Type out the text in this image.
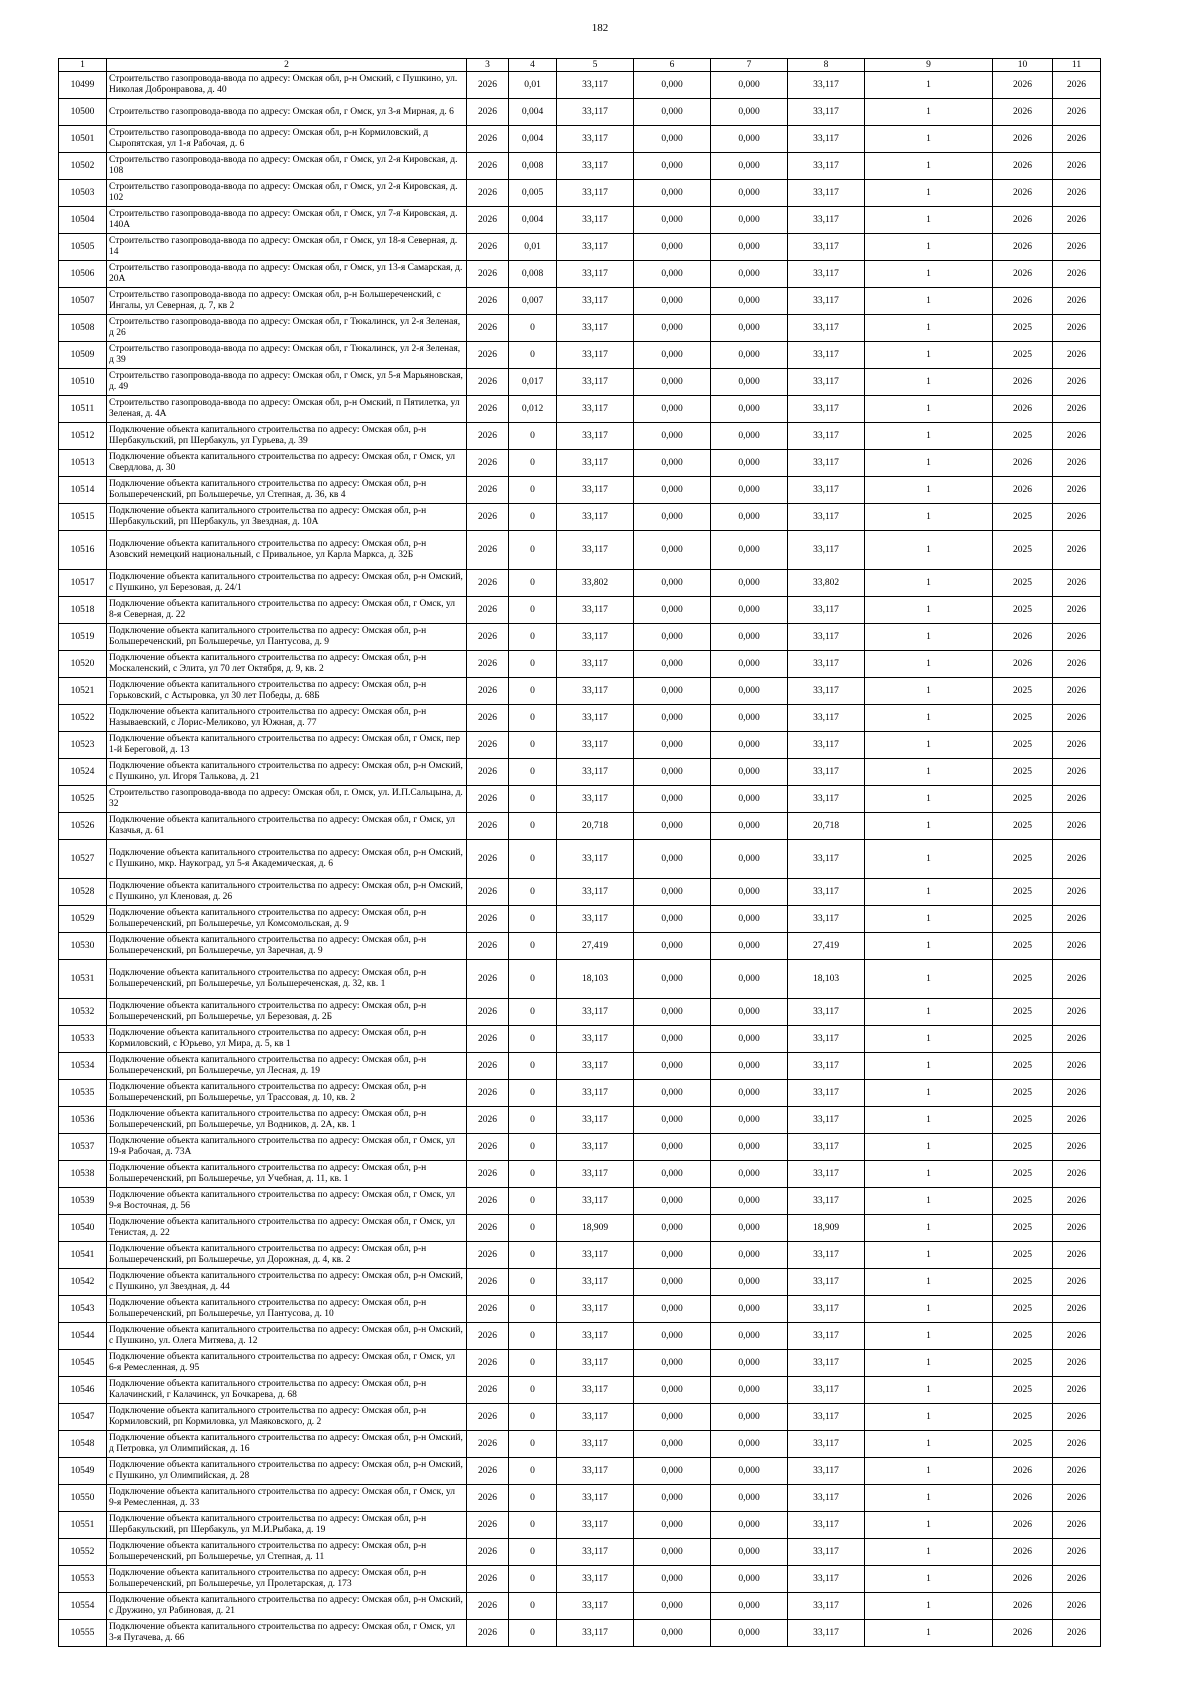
182
1	2	3	4	5	6	7	8	9	10	11
10499	Строительство газопровода-ввода по адресу: Омская обл, р-н Омский, с Пушкино, ул. Николая Добронравова, д. 40	2026	0,01	33,117	0,000	0,000	33,117	1	2026	2026
10500	Строительство газопровода-ввода по адресу: Омская обл, г Омск, ул 3-я Мирная, д. 6	2026	0,004	33,117	0,000	0,000	33,117	1	2026	2026
10501	Строительство газопровода-ввода по адресу: Омская обл, р-н Кормиловский, д Сыропятская, ул 1-я Рабочая, д. 6	2026	0,004	33,117	0,000	0,000	33,117	1	2026	2026
10502	Строительство газопровода-ввода по адресу: Омская обл, г Омск, ул 2-я Кировская, д. 108	2026	0,008	33,117	0,000	0,000	33,117	1	2026	2026
10503	Строительство газопровода-ввода по адресу: Омская обл, г Омск, ул 2-я Кировская, д. 102	2026	0,005	33,117	0,000	0,000	33,117	1	2026	2026
10504	Строительство газопровода-ввода по адресу: Омская обл, г Омск, ул 7-я Кировская, д. 140А	2026	0,004	33,117	0,000	0,000	33,117	1	2026	2026
10505	Строительство газопровода-ввода по адресу: Омская обл, г Омск, ул 18-я Северная, д. 14	2026	0,01	33,117	0,000	0,000	33,117	1	2026	2026
10506	Строительство газопровода-ввода по адресу: Омская обл, г Омск, ул 13-я Самарская, д. 20А	2026	0,008	33,117	0,000	0,000	33,117	1	2026	2026
10507	Строительство газопровода-ввода по адресу: Омская обл, р-н Большереченский, с Ингалы, ул Северная, д. 7, кв 2	2026	0,007	33,117	0,000	0,000	33,117	1	2026	2026
10508	Строительство газопровода-ввода по адресу: Омская обл, г Тюкалинск, ул 2-я Зеленая, д 26	2026	0	33,117	0,000	0,000	33,117	1	2025	2026
10509	Строительство газопровода-ввода по адресу: Омская обл, г Тюкалинск, ул 2-я Зеленая, д 39	2026	0	33,117	0,000	0,000	33,117	1	2025	2026
10510	Строительство газопровода-ввода по адресу: Омская обл, г Омск, ул 5-я Марьяновская, д. 49	2026	0,017	33,117	0,000	0,000	33,117	1	2026	2026
10511	Строительство газопровода-ввода по адресу: Омская обл, р-н Омский, п Пятилетка, ул Зеленая, д. 4А	2026	0,012	33,117	0,000	0,000	33,117	1	2026	2026
10512	Подключение объекта капитального строительства по адресу: Омская обл, р-н Шербакульский, рп Шербакуль, ул Гурьева, д. 39	2026	0	33,117	0,000	0,000	33,117	1	2025	2026
10513	Подключение объекта капитального строительства по адресу: Омская обл, г Омск, ул Свердлова, д. 30	2026	0	33,117	0,000	0,000	33,117	1	2026	2026
10514	Подключение объекта капитального строительства по адресу: Омская обл, р-н Большереченский, рп Большеречье, ул Степная, д. 36, кв 4	2026	0	33,117	0,000	0,000	33,117	1	2026	2026
10515	Подключение объекта капитального строительства по адресу: Омская обл, р-н Шербакульский, рп Шербакуль, ул Звездная, д. 10А	2026	0	33,117	0,000	0,000	33,117	1	2025	2026
10516	Подключение объекта капитального строительства по адресу: Омская обл, р-н Азовский немецкий национальный, с Привальное, ул Карла Маркса, д. 32Б	2026	0	33,117	0,000	0,000	33,117	1	2025	2026
10517	Подключение объекта капитального строительства по адресу: Омская обл, р-н Омский, с Пушкино, ул Березовая, д. 24/1	2026	0	33,802	0,000	0,000	33,802	1	2025	2026
10518	Подключение объекта капитального строительства по адресу: Омская обл, г Омск, ул 8-я Северная, д. 22	2026	0	33,117	0,000	0,000	33,117	1	2025	2026
10519	Подключение объекта капитального строительства по адресу: Омская обл, р-н Большереченский, рп Большеречье, ул Пантусова, д. 9	2026	0	33,117	0,000	0,000	33,117	1	2026	2026
10520	Подключение объекта капитального строительства по адресу: Омская обл, р-н Москаленский, с Элита, ул 70 лет Октября, д. 9, кв. 2	2026	0	33,117	0,000	0,000	33,117	1	2026	2026
10521	Подключение объекта капитального строительства по адресу: Омская обл, р-н Горьковский, с Астыровка, ул 30 лет Победы, д. 68Б	2026	0	33,117	0,000	0,000	33,117	1	2025	2026
10522	Подключение объекта капитального строительства по адресу: Омская обл, р-н Называевский, с Лорис-Меликово, ул Южная, д. 77	2026	0	33,117	0,000	0,000	33,117	1	2025	2026
10523	Подключение объекта капитального строительства по адресу: Омская обл, г Омск, пер 1-й Береговой, д. 13	2026	0	33,117	0,000	0,000	33,117	1	2025	2026
10524	Подключение объекта капитального строительства по адресу: Омская обл, р-н Омский, с Пушкино, ул. Игоря Талькова, д. 21	2026	0	33,117	0,000	0,000	33,117	1	2025	2026
10525	Строительство газопровода-ввода по адресу: Омская обл, г. Омск, ул. И.П.Сальцына, д. 32	2026	0	33,117	0,000	0,000	33,117	1	2025	2026
10526	Подключение объекта капитального строительства по адресу: Омская обл, г Омск, ул Казачья, д. 61	2026	0	20,718	0,000	0,000	20,718	1	2025	2026
10527	Подключение объекта капитального строительства по адресу: Омская обл, р-н Омский, с Пушкино, мкр. Наукоград, ул 5-я Академическая, д. 6	2026	0	33,117	0,000	0,000	33,117	1	2025	2026
10528	Подключение объекта капитального строительства по адресу: Омская обл, р-н Омский, с Пушкино, ул Кленовая, д. 26	2026	0	33,117	0,000	0,000	33,117	1	2025	2026
10529	Подключение объекта капитального строительства по адресу: Омская обл, р-н Большереченский, рп Большеречье, ул Комсомольская, д. 9	2026	0	33,117	0,000	0,000	33,117	1	2025	2026
10530	Подключение объекта капитального строительства по адресу: Омская обл, р-н Большереченский, рп Большеречье, ул Заречная, д. 9	2026	0	27,419	0,000	0,000	27,419	1	2025	2026
10531	Подключение объекта капитального строительства по адресу: Омская обл, р-н Большереченский, рп Большеречье, ул Большереченская, д. 32, кв. 1	2026	0	18,103	0,000	0,000	18,103	1	2025	2026
10532	Подключение объекта капитального строительства по адресу: Омская обл, р-н Большереченский, рп Большеречье, ул Березовая, д. 2Б	2026	0	33,117	0,000	0,000	33,117	1	2025	2026
10533	Подключение объекта капитального строительства по адресу: Омская обл, р-н Кормиловский, с Юрьево, ул Мира, д. 5, кв 1	2026	0	33,117	0,000	0,000	33,117	1	2025	2026
10534	Подключение объекта капитального строительства по адресу: Омская обл, р-н Большереченский, рп Большеречье, ул Лесная, д. 19	2026	0	33,117	0,000	0,000	33,117	1	2025	2026
10535	Подключение объекта капитального строительства по адресу: Омская обл, р-н Большереченский, рп Большеречье, ул Трассовая, д. 10, кв. 2	2026	0	33,117	0,000	0,000	33,117	1	2025	2026
10536	Подключение объекта капитального строительства по адресу: Омская обл, р-н Большереченский, рп Большеречье, ул Водников, д. 2А, кв. 1	2026	0	33,117	0,000	0,000	33,117	1	2025	2026
10537	Подключение объекта капитального строительства по адресу: Омская обл, г Омск, ул 19-я Рабочая, д. 73А	2026	0	33,117	0,000	0,000	33,117	1	2025	2026
10538	Подключение объекта капитального строительства по адресу: Омская обл, р-н Большереченский, рп Большеречье, ул Учебная, д. 11, кв. 1	2026	0	33,117	0,000	0,000	33,117	1	2025	2026
10539	Подключение объекта капитального строительства по адресу: Омская обл, г Омск, ул 9-я Восточная, д. 56	2026	0	33,117	0,000	0,000	33,117	1	2025	2026
10540	Подключение объекта капитального строительства по адресу: Омская обл, г Омск, ул Тенистая, д. 22	2026	0	18,909	0,000	0,000	18,909	1	2025	2026
10541	Подключение объекта капитального строительства по адресу: Омская обл, р-н Большереченский, рп Большеречье, ул Дорожная, д. 4, кв. 2	2026	0	33,117	0,000	0,000	33,117	1	2025	2026
10542	Подключение объекта капитального строительства по адресу: Омская обл, р-н Омский, с Пушкино, ул Звездная, д. 44	2026	0	33,117	0,000	0,000	33,117	1	2025	2026
10543	Подключение объекта капитального строительства по адресу: Омская обл, р-н Большереченский, рп Большеречье, ул Пантусова, д. 10	2026	0	33,117	0,000	0,000	33,117	1	2025	2026
10544	Подключение объекта капитального строительства по адресу: Омская обл, р-н Омский, с Пушкино, ул. Олега Митяева, д. 12	2026	0	33,117	0,000	0,000	33,117	1	2025	2026
10545	Подключение объекта капитального строительства по адресу: Омская обл, г Омск, ул 6-я Ремесленная, д. 95	2026	0	33,117	0,000	0,000	33,117	1	2025	2026
10546	Подключение объекта капитального строительства по адресу: Омская обл, р-н Калачинский, г Калачинск, ул Бочкарева, д. 68	2026	0	33,117	0,000	0,000	33,117	1	2025	2026
10547	Подключение объекта капитального строительства по адресу: Омская обл, р-н Кормиловский, рп Кормиловка, ул Маяковского, д. 2	2026	0	33,117	0,000	0,000	33,117	1	2025	2026
10548	Подключение объекта капитального строительства по адресу: Омская обл, р-н Омский, д Петровка, ул Олимпийская, д. 16	2026	0	33,117	0,000	0,000	33,117	1	2025	2026
10549	Подключение объекта капитального строительства по адресу: Омская обл, р-н Омский, с Пушкино, ул Олимпийская, д. 28	2026	0	33,117	0,000	0,000	33,117	1	2026	2026
10550	Подключение объекта капитального строительства по адресу: Омская обл, г Омск, ул 9-я Ремесленная, д. 33	2026	0	33,117	0,000	0,000	33,117	1	2026	2026
10551	Подключение объекта капитального строительства по адресу: Омская обл, р-н Шербакульский, рп Шербакуль, ул М.И.Рыбака, д. 19	2026	0	33,117	0,000	0,000	33,117	1	2026	2026
10552	Подключение объекта капитального строительства по адресу: Омская обл, р-н Большереченский, рп Большеречье, ул Степная, д. 11	2026	0	33,117	0,000	0,000	33,117	1	2026	2026
10553	Подключение объекта капитального строительства по адресу: Омская обл, р-н Большереченский, рп Большеречье, ул Пролетарская, д. 173	2026	0	33,117	0,000	0,000	33,117	1	2026	2026
10554	Подключение объекта капитального строительства по адресу: Омская обл, р-н Омский, с Дружино, ул Рабиновая, д. 21	2026	0	33,117	0,000	0,000	33,117	1	2026	2026
10555	Подключение объекта капитального строительства по адресу: Омская обл, г Омск, ул 3-я Пугачева, д. 66	2026	0	33,117	0,000	0,000	33,117	1	2026	2026
